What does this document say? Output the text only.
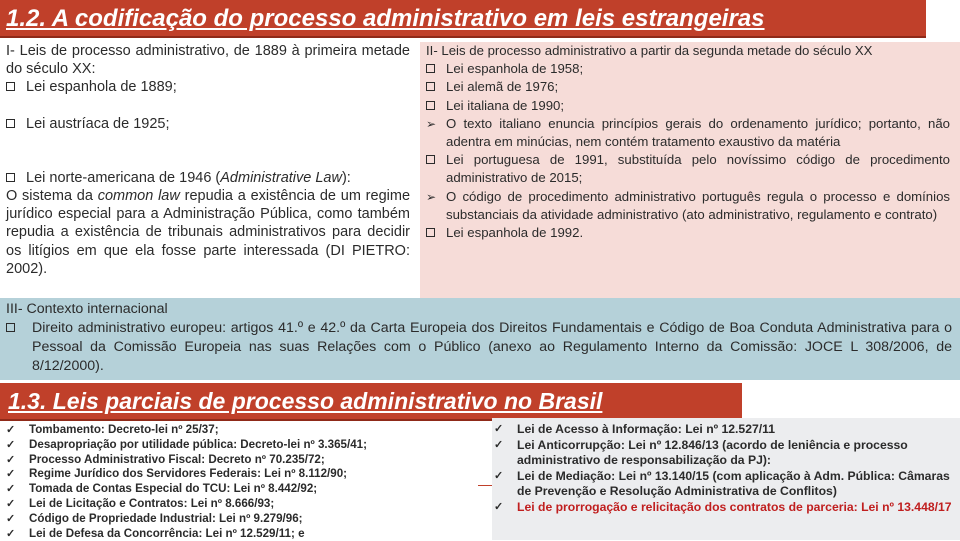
1.2. A codificação do processo administrativo em leis estrangeiras
I- Leis de processo administrativo, de 1889 à primeira metade do século XX:
Lei espanhola de 1889;
Lei austríaca de 1925;
Lei norte-americana de 1946 (Administrative Law):
O sistema da common law repudia a existência de um regime jurídico especial para a Administração Pública, como também repudia a existência de tribunais administrativos para decidir os litígios em que ela fosse parte interessada (DI PIETRO: 2002).
II- Leis de processo administrativo a partir da segunda metade do século XX
Lei espanhola de 1958;
Lei alemã de 1976;
Lei italiana de 1990;
➢ O texto italiano enuncia princípios gerais do ordenamento jurídico; portanto, não adentra em minúcias, nem contém tratamento exaustivo da matéria
Lei portuguesa de 1991, substituída pelo novíssimo código de procedimento administrativo de 2015;
➢ O código de procedimento administrativo português regula o processo e domínios substanciais da atividade administrativo (ato administrativo, regulamento e contrato)
Lei espanhola de 1992.
III- Contexto internacional
Direito administrativo europeu: artigos 41.º e 42.º da Carta Europeia dos Direitos Fundamentais e Código de Boa Conduta Administrativa para o Pessoal da Comissão Europeia nas suas Relações com o Público (anexo ao Regulamento Interno da Comissão: JOCE L 308/2006, de 8/12/2000).
1.3. Leis parciais de processo administrativo no Brasil
✓	Tombamento: Decreto-lei nº 25/37;
✓	Desapropriação por utilidade pública: Decreto-lei nº 3.365/41;
✓	Processo Administrativo Fiscal: Decreto nº 70.235/72;
✓	Regime Jurídico dos Servidores Federais: Lei nº 8.112/90;
✓	Tomada de Contas Especial do TCU: Lei nº 8.442/92;
✓	Lei de Licitação e Contratos: Lei nº 8.666/93;
✓	Código de Propriedade Industrial: Lei nº 9.279/96;
✓	Lei de Defesa da Concorrência: Lei nº 12.529/11; e
✓	Lei de Acesso à Informação: Lei nº 12.527/11
✓	Lei Anticorrupção: Lei nº 12.846/13 (acordo de leniência e processo administrativo de responsabilização da PJ):
✓	Lei de Mediação: Lei nº 13.140/15 (com aplicação à Adm. Pública: Câmaras de Prevenção e Resolução Administrativa de Conflitos)
✓	Lei de prorrogação e relicitação dos contratos de parceria: Lei nº 13.448/17
